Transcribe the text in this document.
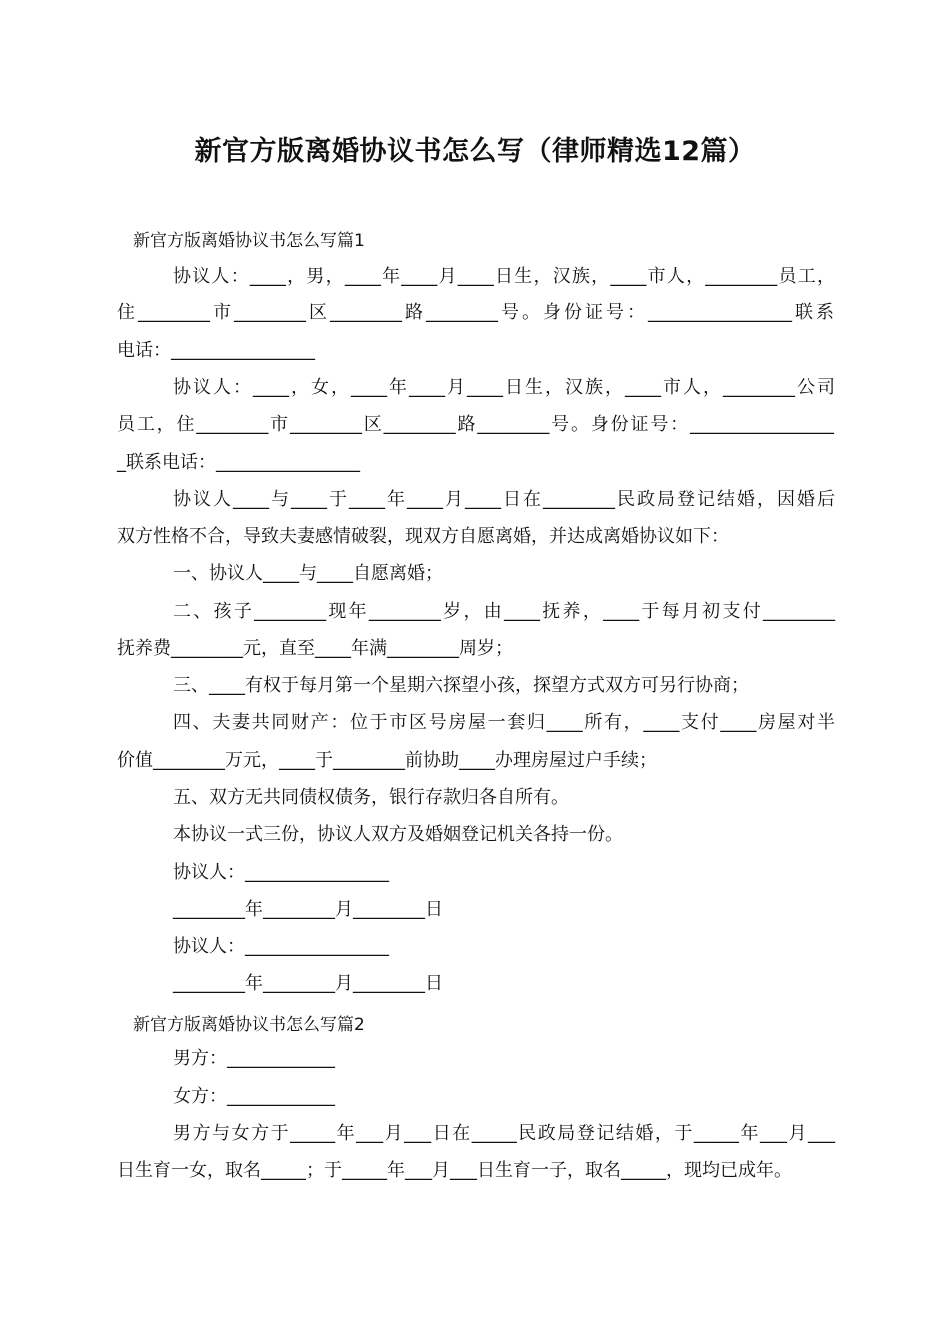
新官方版离婚协议书怎么写（律师精选12篇）
新官方版离婚协议书怎么写篇1
协议人：____，男，____年____月____日生，汉族，____市人，________员工，
住________市________区________路________号。身份证号：________________联系
电话：________________
协议人：____，女，____年____月____日生，汉族，____市人，________公司
员工，住________市________区________路________号。身份证号：________________
_联系电话：________________
协议人____与____于____年____月____日在________民政局登记结婚，因婚后
双方性格不合，导致夫妻感情破裂，现双方自愿离婚，并达成离婚协议如下：
一、协议人____与____自愿离婚；
二、孩子________现年________岁，由____抚养，____于每月初支付________
抚养费________元，直至____年满________周岁；
三、____有权于每月第一个星期六探望小孩，探望方式双方可另行协商；
四、夫妻共同财产：位于市区号房屋一套归____所有，____支付____房屋对半
价值________万元，____于________前协助____办理房屋过户手续；
五、双方无共同债权债务，银行存款归各自所有。
本协议一式三份，协议人双方及婚姻登记机关各持一份。
协议人：________________
________年________月________日
协议人：________________
________年________月________日
新官方版离婚协议书怎么写篇2
男方：____________
女方：____________
男方与女方于_____年___月___日在_____民政局登记结婚，于_____年___月___
日生育一女，取名_____；于_____年___月___日生育一子，取名_____，现均已成年。
